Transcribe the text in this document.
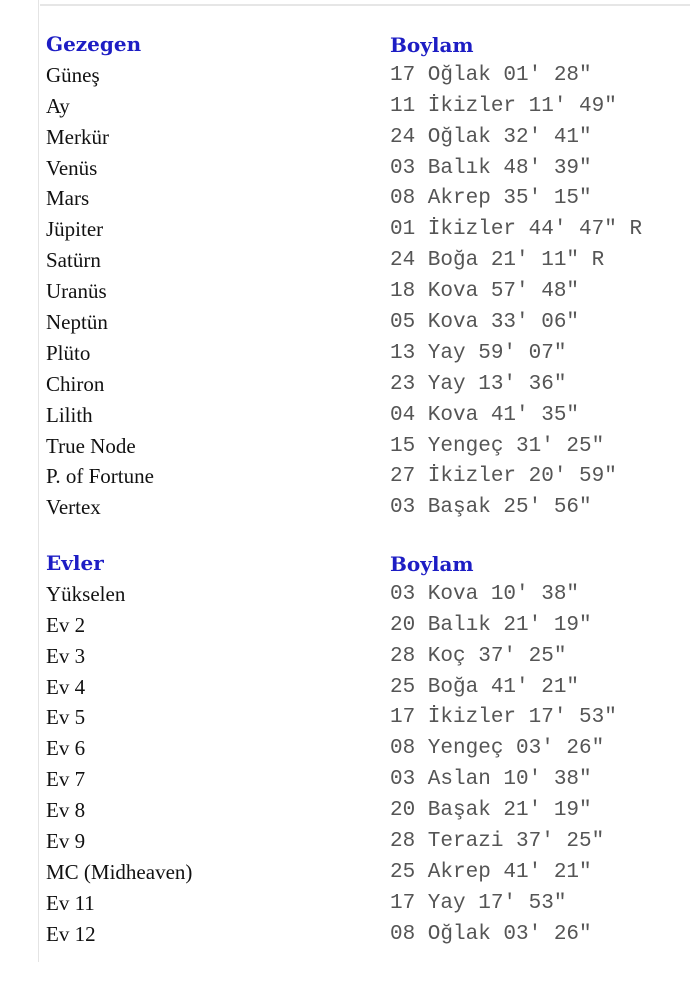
Gezegen	Boylam
Güneş	17 Oğlak 01' 28"
Ay	11 İkizler 11' 49"
Merkür	24 Oğlak 32' 41"
Venüs	03 Balık 48' 39"
Mars	08 Akrep 35' 15"
Jüpiter	01 İkizler 44' 47" R
Satürn	24 Boğa 21' 11" R
Uranüs	18 Kova 57' 48"
Neptün	05 Kova 33' 06"
Plüto	13 Yay 59' 07"
Chiron	23 Yay 13' 36"
Lilith	04 Kova 41' 35"
True Node	15 Yengeç 31' 25"
P. of Fortune	27 İkizler 20' 59"
Vertex	03 Başak 25' 56"
Evler	Boylam
Yükselen	03 Kova 10' 38"
Ev 2	20 Balık 21' 19"
Ev 3	28 Koç 37' 25"
Ev 4	25 Boğa 41' 21"
Ev 5	17 İkizler 17' 53"
Ev 6	08 Yengeç 03' 26"
Ev 7	03 Aslan 10' 38"
Ev 8	20 Başak 21' 19"
Ev 9	28 Terazi 37' 25"
MC (Midheaven)	25 Akrep 41' 21"
Ev 11	17 Yay 17' 53"
Ev 12	08 Oğlak 03' 26"
